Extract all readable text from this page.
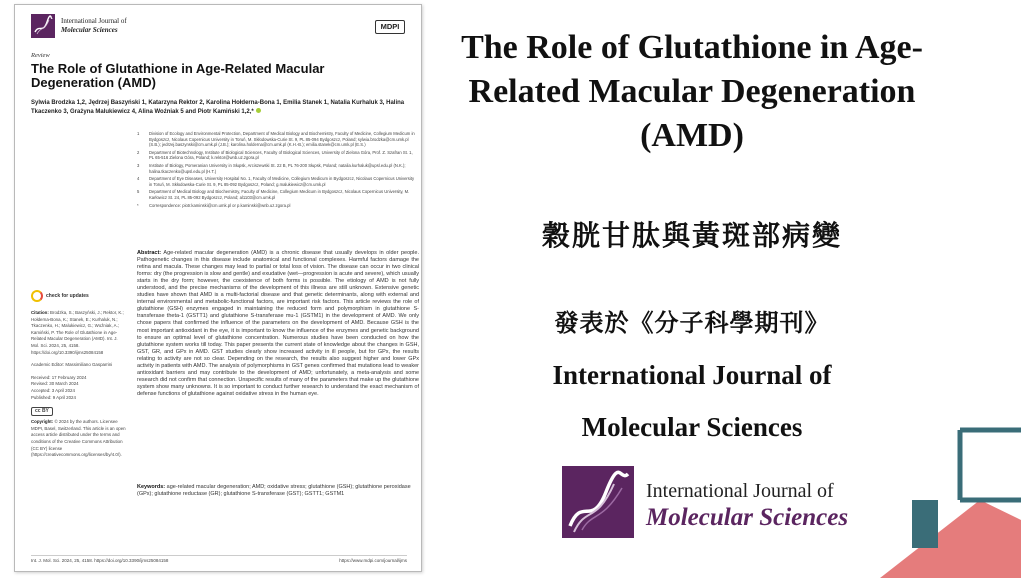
International Journal of
Molecular Sciences	MDPI
Review
The Role of Glutathione in Age-Related Macular Degeneration (AMD)
Sylwia Brodzka 1,2, Jędrzej Baszyński 1, Katarzyna Rektor 2, Karolina Hołderna-Bona 1, Emilia Stanek 1, Natalia Kurhaluk 3, Halina Tkaczenko 3, Grażyna Malukiewicz 4, Alina Woźniak 5 and Piotr Kamiński 1,2,*
1	Division of Ecology and Environmental Protection, Department of Medical Biology and Biochemistry, Faculty of Medicine, Collegium Medicum in Bydgoszcz, Nicolaus Copernicus University in Toruń, M. Skłodowska-Curie St. 9, PL 85-094 Bydgoszcz, Poland; sylwia.brodzka@cm.umk.pl (S.B.); jedrzej.baszynski@cm.umk.pl (J.B.); karolina.holderna@cm.umk.pl (K.H.-B.); emilia.stanek@cm.umk.pl (E.S.)
2	Department of Biotechnology, Institute of Biological Sciences, Faculty of Biological Sciences, University of Zielona Góra, Prof. Z. Szafran St. 1, PL 65-516 Zielona Góra, Poland; k.rektor@wnb.uz.zgora.pl
3	Institute of Biology, Pomeranian University in Słupsk, Arciszewski St. 22 B, PL 76-200 Słupsk, Poland; natalia.kurhaluk@upsl.edu.pl (N.K.); halina.tkaczenko@upsl.edu.pl (H.T.)
4	Department of Eye Diseases, University Hospital No. 1, Faculty of Medicine, Collegium Medicum in Bydgoszcz, Nicolaus Copernicus University in Toruń, M. Skłodowska-Curie St. 9, PL 85-092 Bydgoszcz, Poland; g.malukiewicz@cm.umk.pl
5	Department of Medical Biology and Biochemistry, Faculty of Medicine, Collegium Medicum in Bydgoszcz, Nicolaus Copernicus University, M. Karłowicz St. 24, PL 85-092 Bydgoszcz, Poland; al1103@cm.umk.pl
*	Correspondence: piotr.kaminski@cm.umk.pl or p.kaminski@wnb.uz.zgora.pl
Abstract: Age-related macular degeneration (AMD) is a chronic disease that usually develops in older people. Pathogenetic changes in this disease include anatomical and functional complexes. Harmful factors damage the retina and macula. These changes may lead to partial or total loss of vision. The disease can occur in two clinical forms: dry (the progression is slow and gentle) and exudative (wet—progression is acute and severe), which usually starts in the dry form; however, the coexistence of both forms is possible. The etiology of AMD is not fully understood, and the precise mechanisms of the development of this illness are still unknown. Extensive genetic studies have shown that AMD is a multi-factorial disease and that genetic determinants, along with external and internal environmental and metabolic-functional factors, are important risk factors. This article reviews the role of glutathione (GSH) enzymes engaged in maintaining the reduced form and polymorphism in glutathione S-transferase theta-1 (GSTT1) and glutathione S-transferase mu-1 (GSTM1) in the development of AMD. We only chose papers that confirmed the influence of the parameters on the development of AMD. Because GSH is the most important antioxidant in the eye, it is important to know the influence of the enzymes and genetic background to ensure an optimal level of glutathione concentration. Numerous studies have been conducted on how the glutathione system works till today. This paper presents the current state of knowledge about the changes in GSH, GST, GR, and GPx in AMD. GST studies clearly show increased activity in ill people, but for GPx, the results relating to activity are not so clear. Depending on the research, the results also suggest higher and lower GPx activity in patients with AMD. The analysis of polymorphisms in GST genes confirmed that mutations lead to weaker antioxidant barriers and may contribute to the development of AMD; unfortunately, a meta-analysis and some research did not confirm that connection. Unspecific results of many of the parameters that make up the glutathione system show many unknowns. It is so important to conduct further research to understand the exact mechanism of defense functions of glutathione against oxidative stress in the human eye.
Keywords: age-related macular degeneration; AMD; oxidative stress; glutathione (GSH); glutathione peroxidase (GPx); glutathione reductase (GR); glutathione S-transferase (GST); GSTT1; GSTM1
check for updates
Citation: Brodzka, S.; Baszyński, J.; Rektor, K.; Hołderna-Bona, K.; Stanek, E.; Kurhaluk, N.; Tkaczenko, H.; Malukiewicz, G.; Woźniak, A.; Kamiński, P. The Role of Glutathione in Age-Related Macular Degeneration (AMD). Int. J. Mol. Sci. 2024, 25, 4158. https://doi.org/10.3390/ijms25084158
Academic Editor: Massimiliano Gasparrini
Received: 17 February 2024
Revised: 30 March 2024
Accepted: 3 April 2024
Published: 9 April 2024
cc BY
Copyright: © 2024 by the authors. Licensee MDPI, Basel, Switzerland. This article is an open access article distributed under the terms and conditions of the Creative Commons Attribution (CC BY) license (https://creativecommons.org/licenses/by/4.0/).
Int. J. Mol. Sci. 2024, 25, 4158. https://doi.org/10.3390/ijms25084158	https://www.mdpi.com/journal/ijms
The Role of Glutathione in Age-Related Macular Degeneration (AMD)
穀胱甘肽與黃斑部病變
發表於《分子科學期刊》
International Journal of
Molecular Sciences
International Journal of
Molecular Sciences
